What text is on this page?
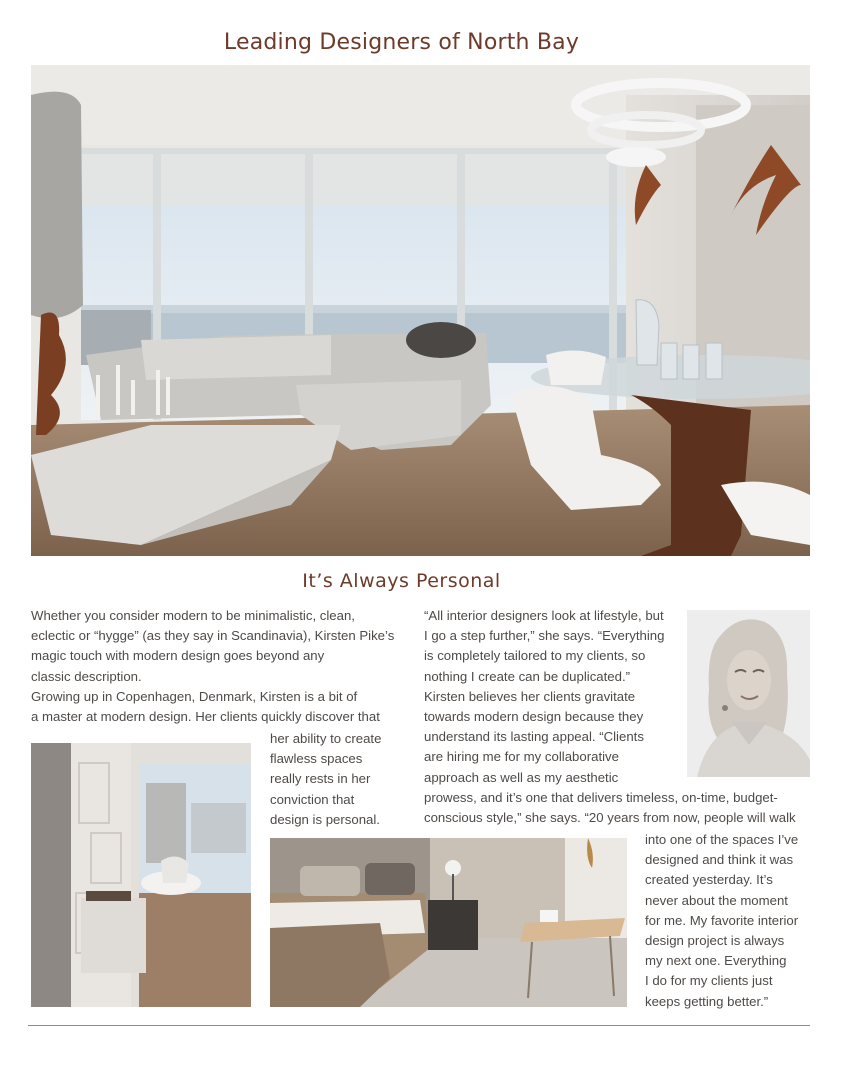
Leading Designers of North Bay
It’s Always Personal
Whether you consider modern to be minimalistic, clean,
eclectic or “hygge” (as they say in Scandinavia), Kirsten Pike’s
magic touch with modern design goes beyond any
classic description.
Growing up in Copenhagen, Denmark, Kirsten is a bit of
a master at modern design. Her clients quickly discover that
her ability to create
flawless spaces
really rests in her
conviction that
design is personal.
“All interior designers look at lifestyle, but
I go a step further,” she says. “Everything
is completely tailored to my clients, so
nothing I create can be duplicated.”
Kirsten believes her clients gravitate
towards modern design because they
understand its lasting appeal. “Clients
are hiring me for my collaborative
approach as well as my aesthetic
prowess, and it’s one that delivers timeless, on-time, budget-
conscious style,” she says. “20 years from now, people will walk
into one of the spaces I’ve
designed and think it was
created yesterday. It’s
never about the moment
for me. My favorite interior
design project is always
my next one. Everything
I do for my clients just
keeps getting better.”
